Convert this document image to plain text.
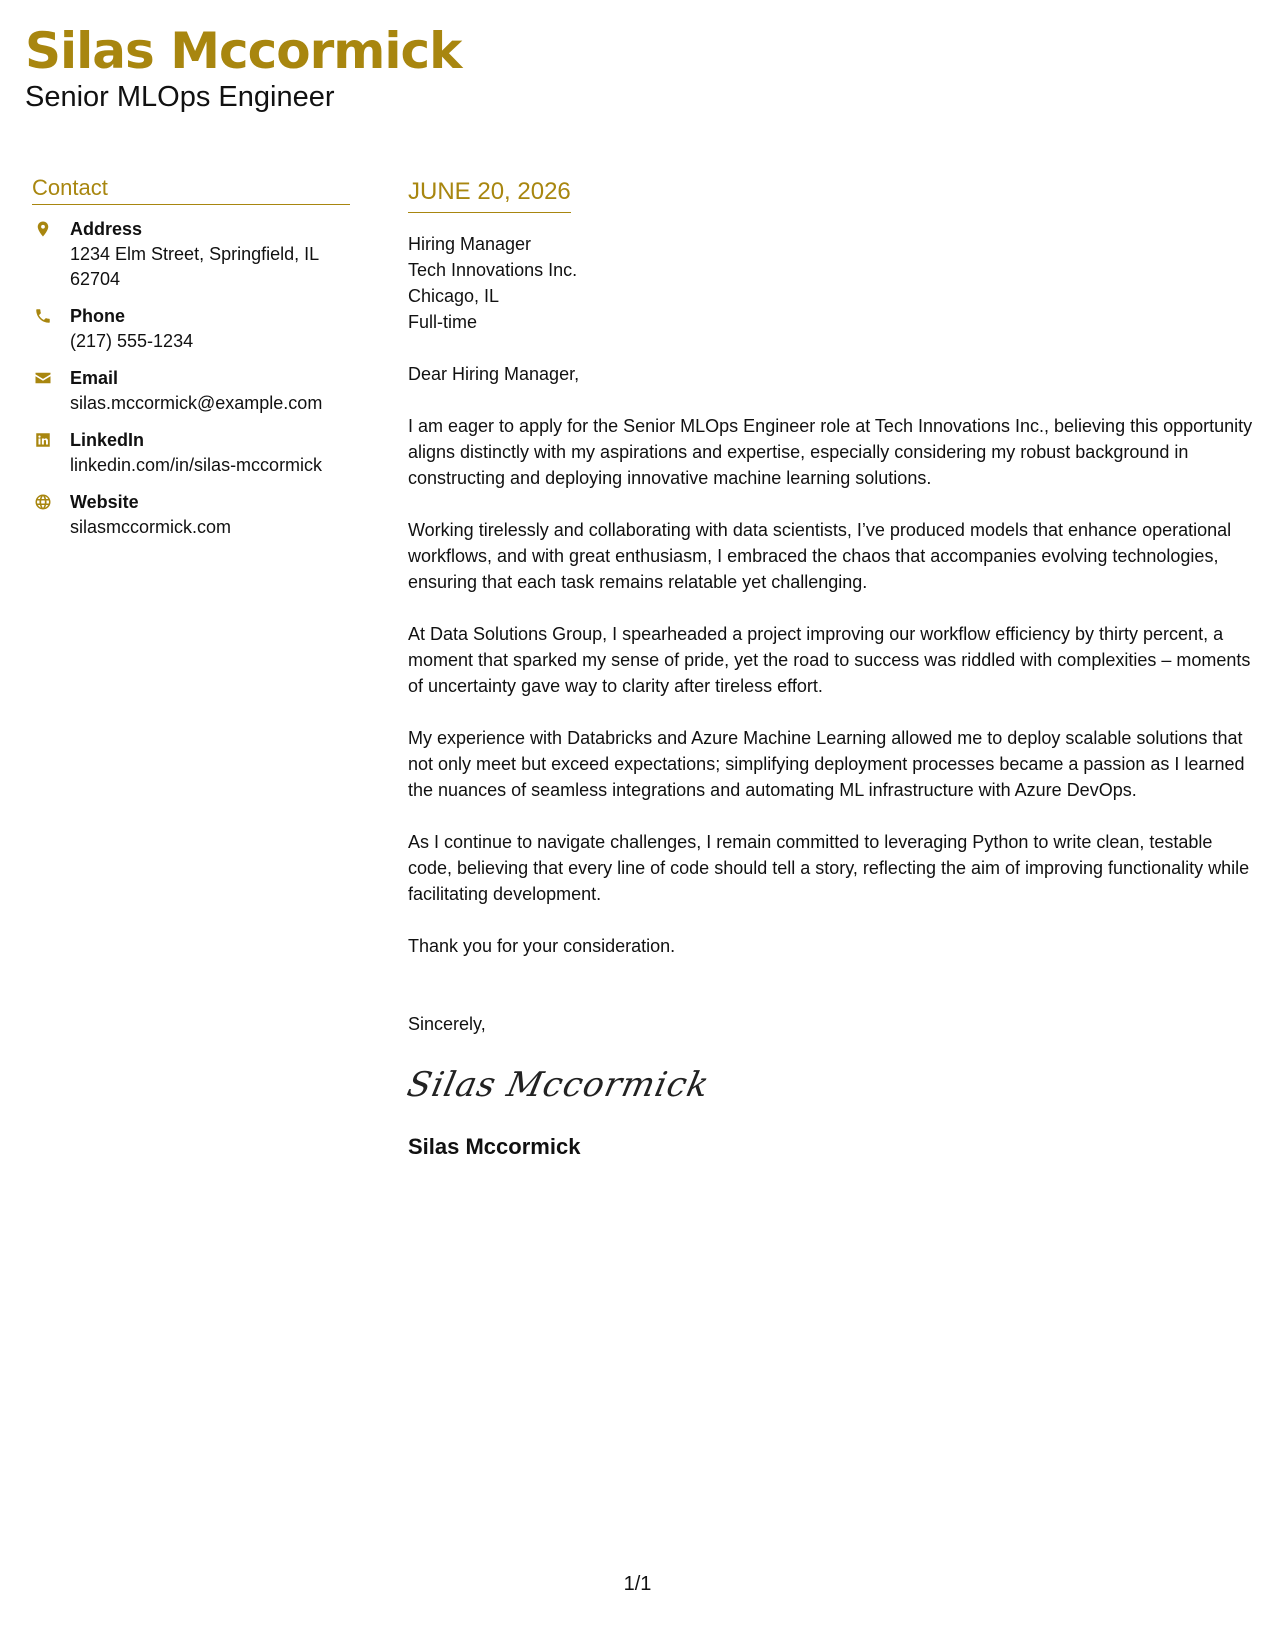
Silas Mccormick
Senior MLOps Engineer
Contact
Address
1234 Elm Street, Springfield, IL 62704
Phone
(217) 555-1234
Email
silas.mccormick@example.com
LinkedIn
linkedin.com/in/silas-mccormick
Website
silasmccormick.com
JUNE 20, 2026
Hiring Manager
Tech Innovations Inc.
Chicago, IL
Full-time
Dear Hiring Manager,

I am eager to apply for the Senior MLOps Engineer role at Tech Innovations Inc., believing this opportunity aligns distinctly with my aspirations and expertise, especially considering my robust background in constructing and deploying innovative machine learning solutions.

Working tirelessly and collaborating with data scientists, I’ve produced models that enhance operational workflows, and with great enthusiasm, I embraced the chaos that accompanies evolving technologies, ensuring that each task remains relatable yet challenging.

At Data Solutions Group, I spearheaded a project improving our workflow efficiency by thirty percent, a moment that sparked my sense of pride, yet the road to success was riddled with complexities – moments of uncertainty gave way to clarity after tireless effort.

My experience with Databricks and Azure Machine Learning allowed me to deploy scalable solutions that not only meet but exceed expectations; simplifying deployment processes became a passion as I learned the nuances of seamless integrations and automating ML infrastructure with Azure DevOps.

As I continue to navigate challenges, I remain committed to leveraging Python to write clean, testable code, believing that every line of code should tell a story, reflecting the aim of improving functionality while facilitating development.

Thank you for your consideration.

Sincerely,
Silas Mccormick
Silas Mccormick
1/1
